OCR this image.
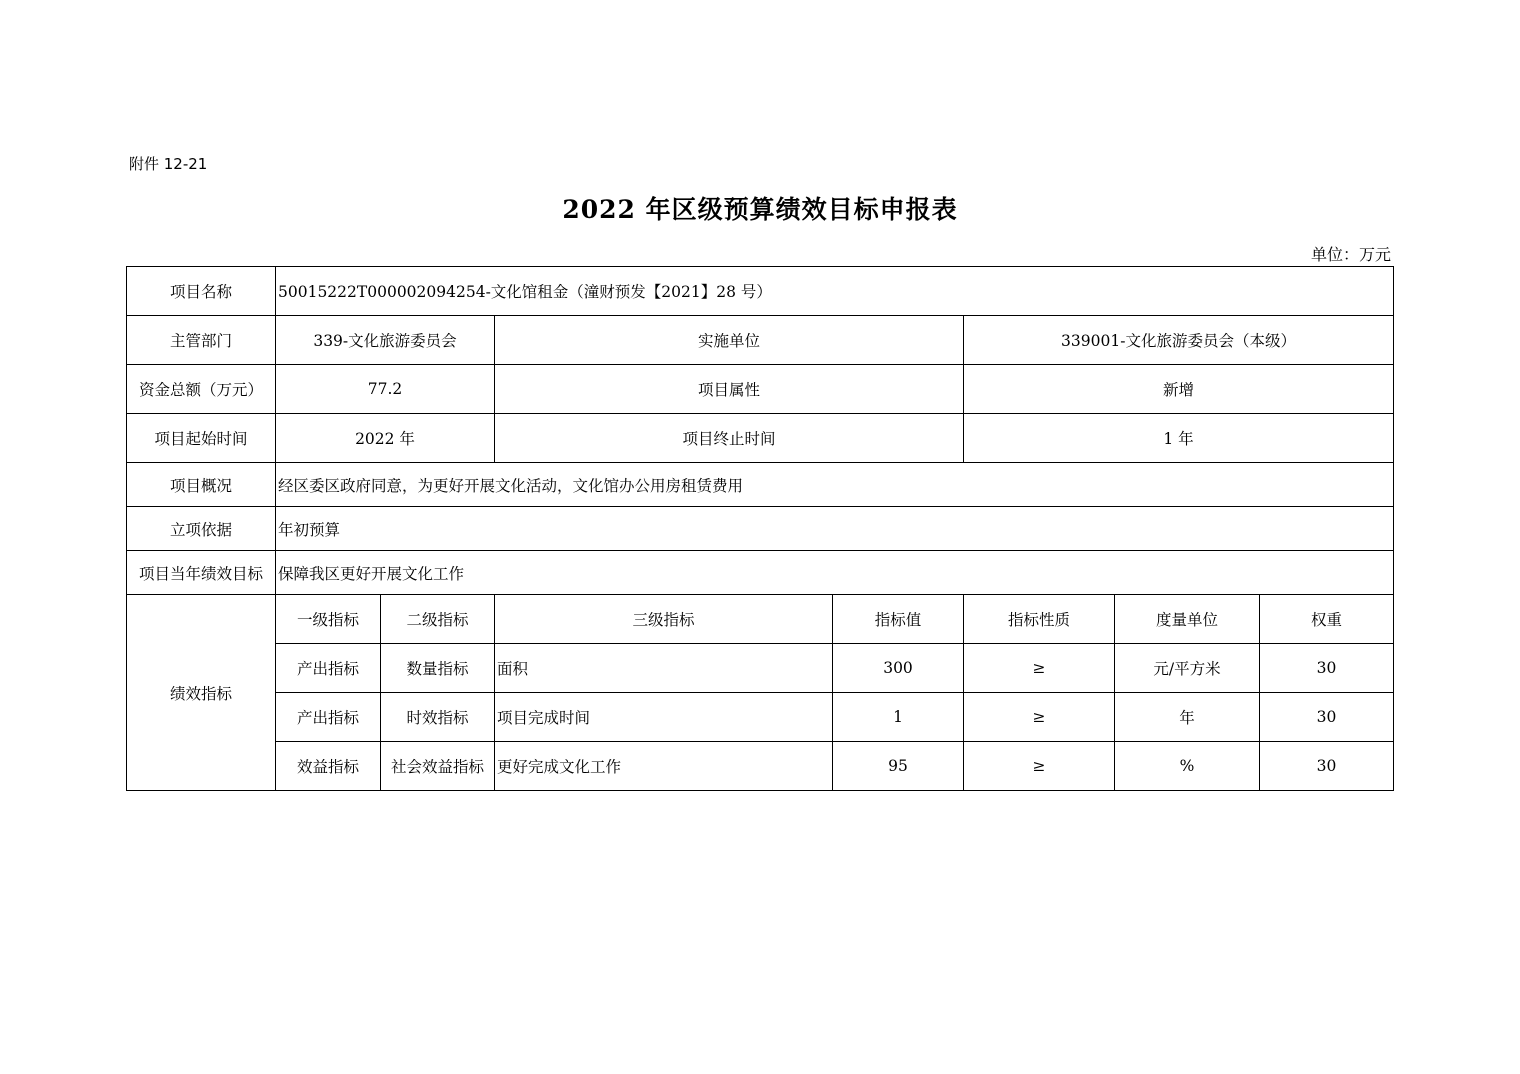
附件 12-21
2022 年区级预算绩效目标申报表
单位：万元
项目名称	50015222T000002094254-文化馆租金（潼财预发【2021】28 号）						
主管部门	339-文化旅游委员会		实施单位		339001-文化旅游委员会（本级）		
资金总额（万元）	77.2		项目属性		新增		
项目起始时间	2022 年		项目终止时间		1 年		
项目概况	经区委区政府同意，为更好开展文化活动，文化馆办公用房租赁费用						
立项依据	年初预算						
项目当年绩效目标	保障我区更好开展文化工作						
绩效指标	一级指标	二级指标	三级指标	指标值	指标性质	度量单位	权重
	产出指标	数量指标	面积	300	≥	元/平方米	30
	产出指标	时效指标	项目完成时间	1	≥	年	30
	效益指标	社会效益指标	更好完成文化工作	95	≥	%	30
